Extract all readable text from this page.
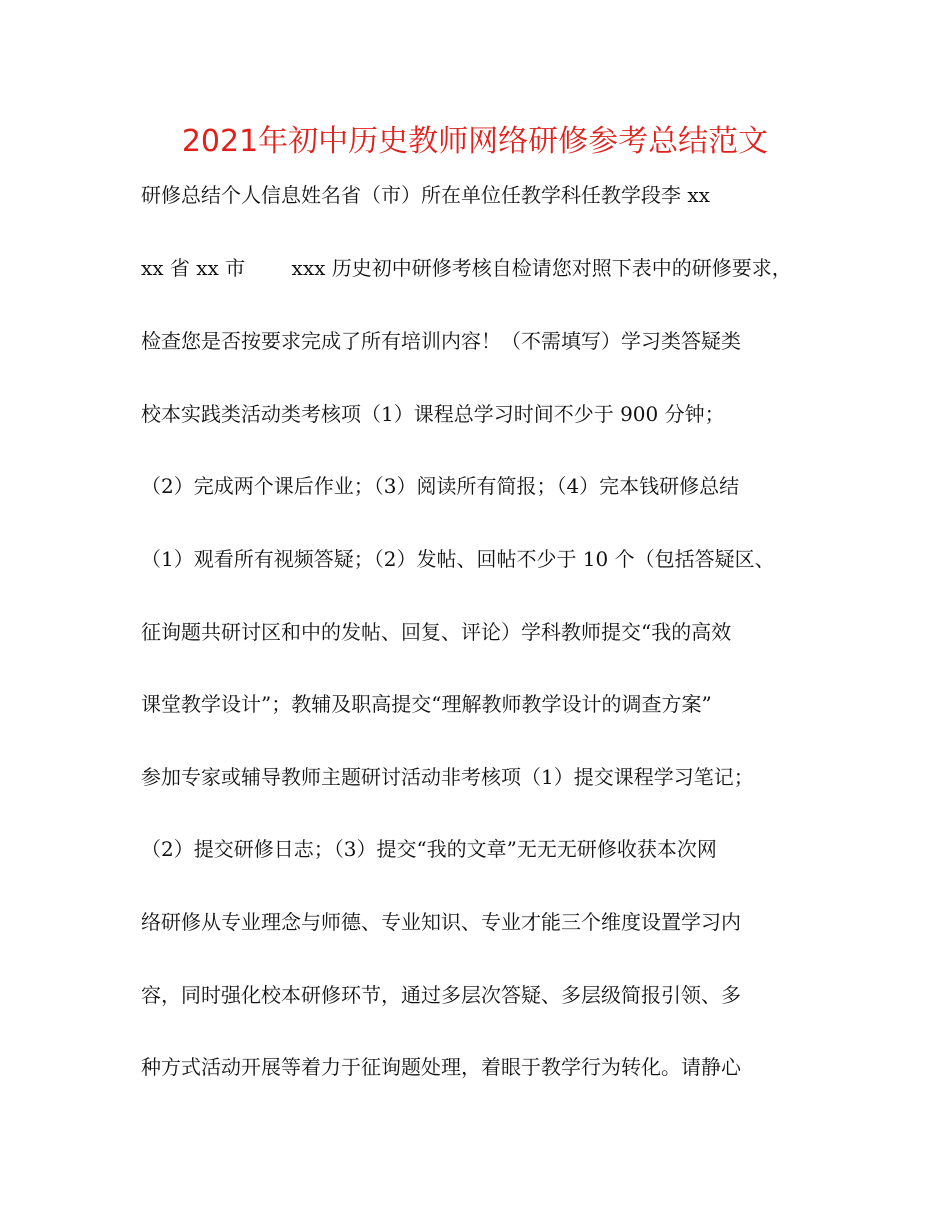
2021年初中历史教师网络研修参考总结范文
研修总结个人信息姓名省（市）所在单位任教学科任教学段李 xx
xx 省 xx 市　　 xxx 历史初中研修考核自检请您对照下表中的研修要求，
检查您是否按要求完成了所有培训内容！（不需填写）学习类答疑类
校本实践类活动类考核项（1）课程总学习时间不少于 900 分钟；
（2）完成两个课后作业；（3）阅读所有简报；（4）完本钱研修总结
（1）观看所有视频答疑；（2）发帖、回帖不少于 10 个（包括答疑区、
征询题共研讨区和中的发帖、回复、评论）学科教师提交“我的高效
课堂教学设计”；教辅及职高提交“理解教师教学设计的调查方案”
参加专家或辅导教师主题研讨活动非考核项（1）提交课程学习笔记；
（2）提交研修日志；（3）提交“我的文章”无无无研修收获本次网
络研修从专业理念与师德、专业知识、专业才能三个维度设置学习内
容，同时强化校本研修环节，通过多层次答疑、多层级简报引领、多
种方式活动开展等着力于征询题处理，着眼于教学行为转化。请静心
